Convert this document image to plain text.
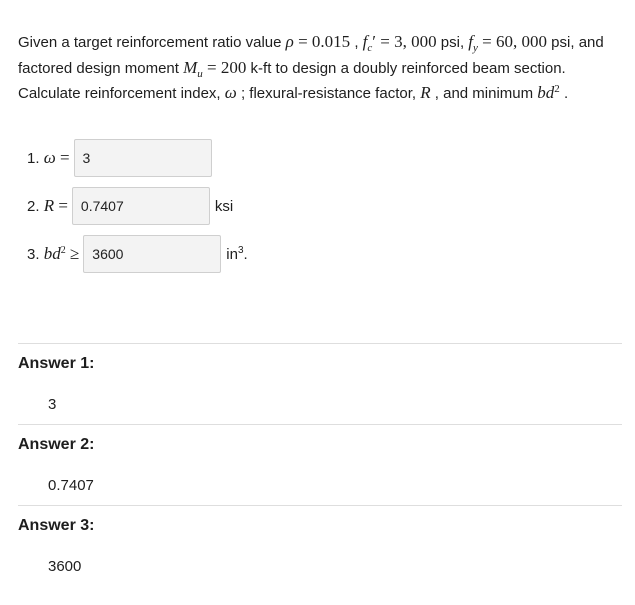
Given a target reinforcement ratio value ρ = 0.015 , $f_c' = 3$, 000 psi, $f_y = 60$, 000 psi, and factored design moment $M_u = 200$ k-ft to design a doubly reinforced beam section. Calculate reinforcement index, ω ; flexural-resistance factor, R , and minimum $bd^2$ .
1. ω = 3
2. R = 0.7407	ksi
3. $bd^2 \ge 3600$	$in^3$.
Answer 1:
3
Answer 2:
0.7407
Answer 3:
3600
